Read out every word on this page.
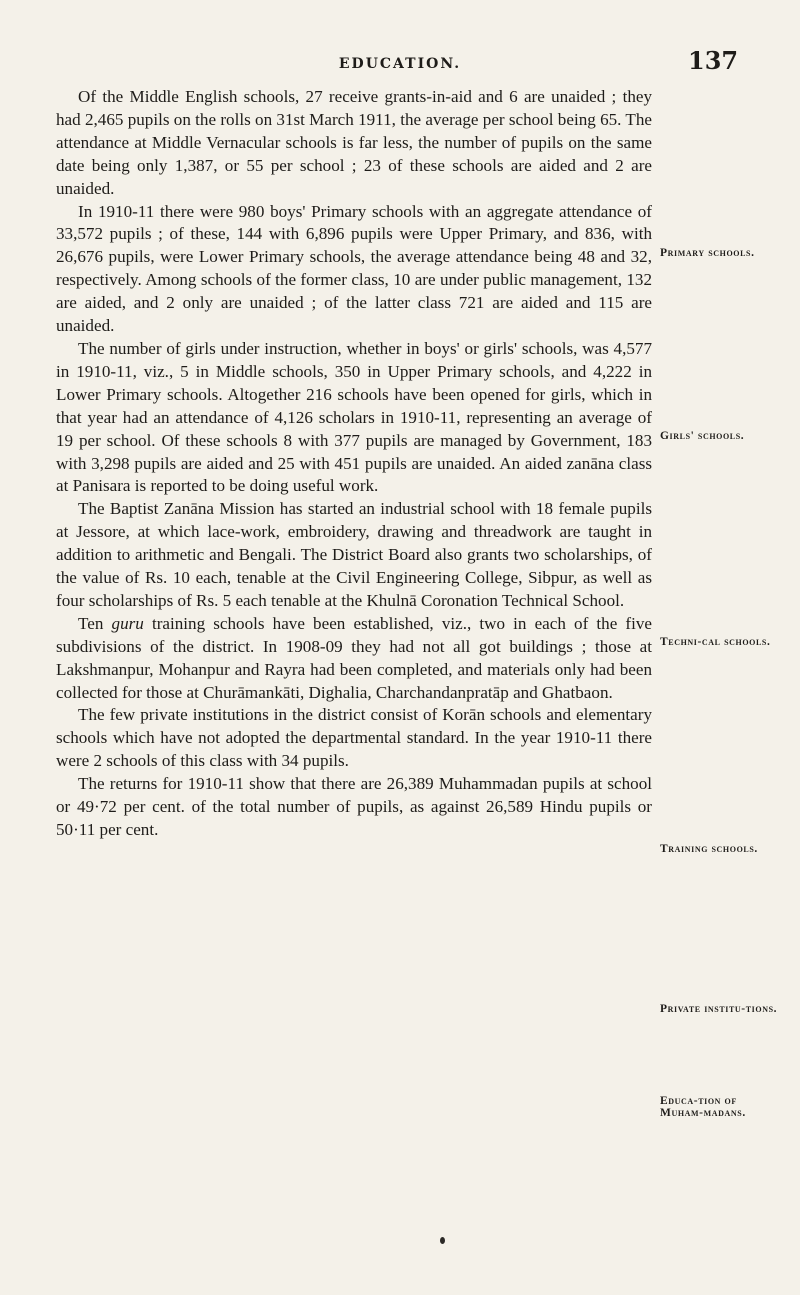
EDUCATION.	137

Of the Middle English schools, 27 receive grants-in-aid and 6 are unaided ; they had 2,465 pupils on the rolls on 31st March 1911, the average per school being 65. The attendance at Middle Vernacular schools is far less, the number of pupils on the same date being only 1,387, or 55 per school ; 23 of these schools are aided and 2 are unaided.

In 1910-11 there were 980 boys' Primary schools with an aggregate attendance of 33,572 pupils ; of these, 144 with 6,896 pupils were Upper Primary, and 836, with 26,676 pupils, were Lower Primary schools, the average attendance being 48 and 32, respectively. Among schools of the former class, 10 are under public management, 132 are aided, and 2 only are unaided ; of the latter class 721 are aided and 115 are unaided.

The number of girls under instruction, whether in boys' or girls' schools, was 4,577 in 1910-11, viz., 5 in Middle schools, 350 in Upper Primary schools, and 4,222 in Lower Primary schools. Altogether 216 schools have been opened for girls, which in that year had an attendance of 4,126 scholars in 1910-11, representing an average of 19 per school. Of these schools 8 with 377 pupils are managed by Government, 183 with 3,298 pupils are aided and 25 with 451 pupils are unaided. An aided zanāna class at Panisara is reported to be doing useful work.

The Baptist Zanāna Mission has started an industrial school with 18 female pupils at Jessore, at which lace-work, embroidery, drawing and threadwork are taught in addition to arithmetic and Bengali. The District Board also grants two scholarships, of the value of Rs. 10 each, tenable at the Civil Engineering College, Sibpur, as well as four scholarships of Rs. 5 each tenable at the Khulnā Coronation Technical School.

Ten guru training schools have been established, viz., two in each of the five subdivisions of the district. In 1908-09 they had not all got buildings ; those at Lakshmanpur, Mohanpur and Rayra had been completed, and materials only had been collected for those at Churāmankāti, Dighalia, Charchandanpratāp and Ghatbaon.

The few private institutions in the district consist of Korān schools and elementary schools which have not adopted the departmental standard. In the year 1910-11 there were 2 schools of this class with 34 pupils.

The returns for 1910-11 show that there are 26,389 Muhammadan pupils at school or 49·72 per cent. of the total number of pupils, as against 26,589 Hindu pupils or 50·11 per cent.

Primary schools.
Girls' schools.
Techni-cal schools.
Training schools.
Private institu-tions.
Educa-tion of Muham-madans.
